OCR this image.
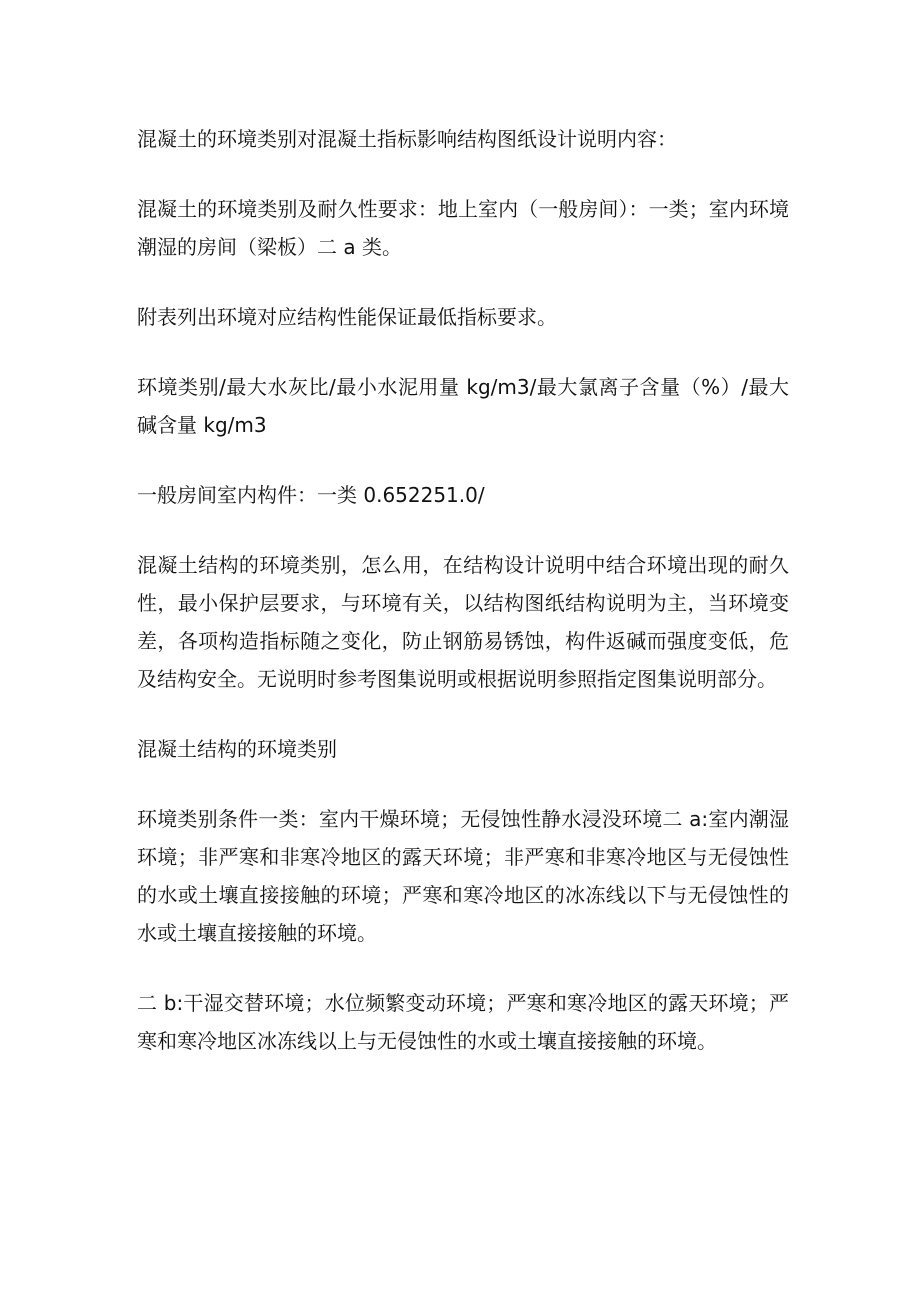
混凝土的环境类别对混凝土指标影响结构图纸设计说明内容：

混凝土的环境类别及耐久性要求：地上室内（一般房间）：一类；室内环境潮湿的房间（梁板）二 a 类。

附表列出环境对应结构性能保证最低指标要求。

环境类别/最大水灰比/最小水泥用量 kg/m3/最大氯离子含量（%）/最大碱含量 kg/m3

一般房间室内构件：一类 0.652251.0/

混凝土结构的环境类别，怎么用，在结构设计说明中结合环境出现的耐久性，最小保护层要求，与环境有关，以结构图纸结构说明为主，当环境变差，各项构造指标随之变化，防止钢筋易锈蚀，构件返碱而强度变低，危及结构安全。无说明时参考图集说明或根据说明参照指定图集说明部分。

混凝土结构的环境类别

环境类别条件一类：室内干燥环境；无侵蚀性静水浸没环境二 a:室内潮湿环境；非严寒和非寒冷地区的露天环境；非严寒和非寒冷地区与无侵蚀性的水或土壤直接接触的环境；严寒和寒冷地区的冰冻线以下与无侵蚀性的水或土壤直接接触的环境。

二 b:干湿交替环境；水位频繁变动环境；严寒和寒冷地区的露天环境；严寒和寒冷地区冰冻线以上与无侵蚀性的水或土壤直接接触的环境。
